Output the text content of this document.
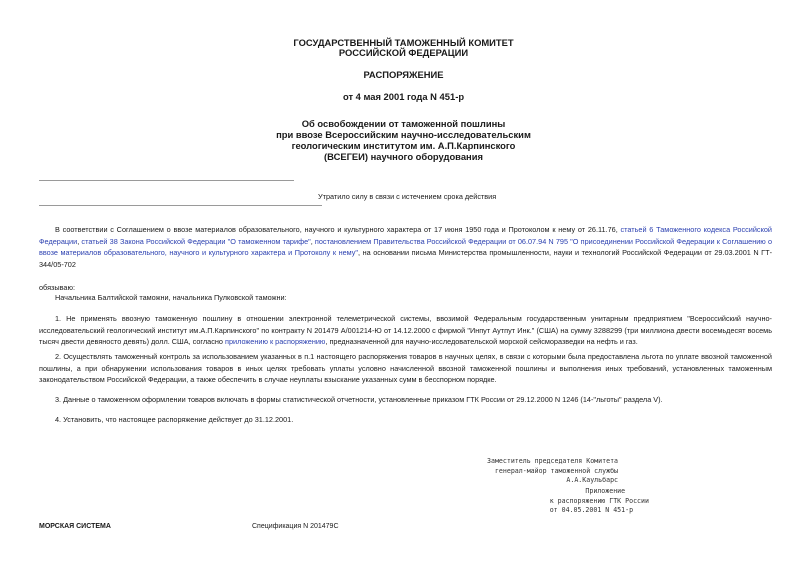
ГОСУДАРСТВЕННЫЙ ТАМОЖЕННЫЙ КОМИТЕТ
РОССИЙСКОЙ ФЕДЕРАЦИИ
РАСПОРЯЖЕНИЕ
от 4 мая 2001 года N 451-р
Об освобождении от таможенной пошлины
при ввозе Всероссийским научно-исследовательским
геологическим институтом им. А.П.Карпинского
(ВСЕГЕИ) научного оборудования
Утратило силу в связи с истечением срока действия
В соответствии с Соглашением о ввозе материалов образовательного, научного и культурного характера от 17 июня 1950 года и Протоколом к нему от 26.11.76, статьей 6 Таможенного кодекса Российской
Федерации, статьей 38 Закона Российской Федерации "О таможенном тарифе", постановлением Правительства Российской Федерации от 06.07.94 N 795 "О присоединении Российской Федерации к Соглашению о
ввозе материалов образовательного, научного и культурного характера и Протоколу к нему", на основании письма Министерства промышленности, науки и технологий Российской Федерации от 29.03.2001 N ГТ-
344/05-702
обязываю:
Начальника Балтийской таможни, начальника Пулковской таможни:
1. Не применять ввозную таможенную пошлину в отношении электронной телеметрической системы, ввозимой Федеральным государственным унитарным предприятием "Всероссийский научно-
исследовательский геологический институт им.А.П.Карпинского" по контракту N 201479 А/001214-Ю от 14.12.2000 с фирмой "Инпут Аутпут Инк." (США) на сумму 3288299 (три миллиона двести восемьдесят восемь
тысяч двести девяносто девять) долл. США, согласно приложению к распоряжению, предназначенной для научно-исследовательской морской сейсморазведки на нефть и газ.
2. Осуществлять таможенный контроль за использованием указанных в п.1 настоящего распоряжения товаров в научных целях, в связи с которыми была предоставлена льгота по уплате ввозной таможенной
пошлины, а при обнаружении использования товаров в иных целях требовать уплаты условно начисленной ввозной таможенной пошлины и выполнения иных требований, установленных таможенным
законодательством Российской Федерации, а также обеспечить в случае неуплаты взыскание указанных сумм в бесспорном порядке.
3. Данные о таможенном оформлении товаров включать в формы статистической отчетности, установленные приказом ГТК России от 29.12.2000 N 1246 (14-"льготы" раздела V).
4. Установить, что настоящее распоряжение действует до 31.12.2001.
Заместитель председателя Комитета
генерал-майор таможенной службы
А.А.Каульбарс
Приложение
к распоряжению ГТК России
от 04.05.2001 N 451-р
МОРСКАЯ СИСТЕМА	Спецификация N 201479С
